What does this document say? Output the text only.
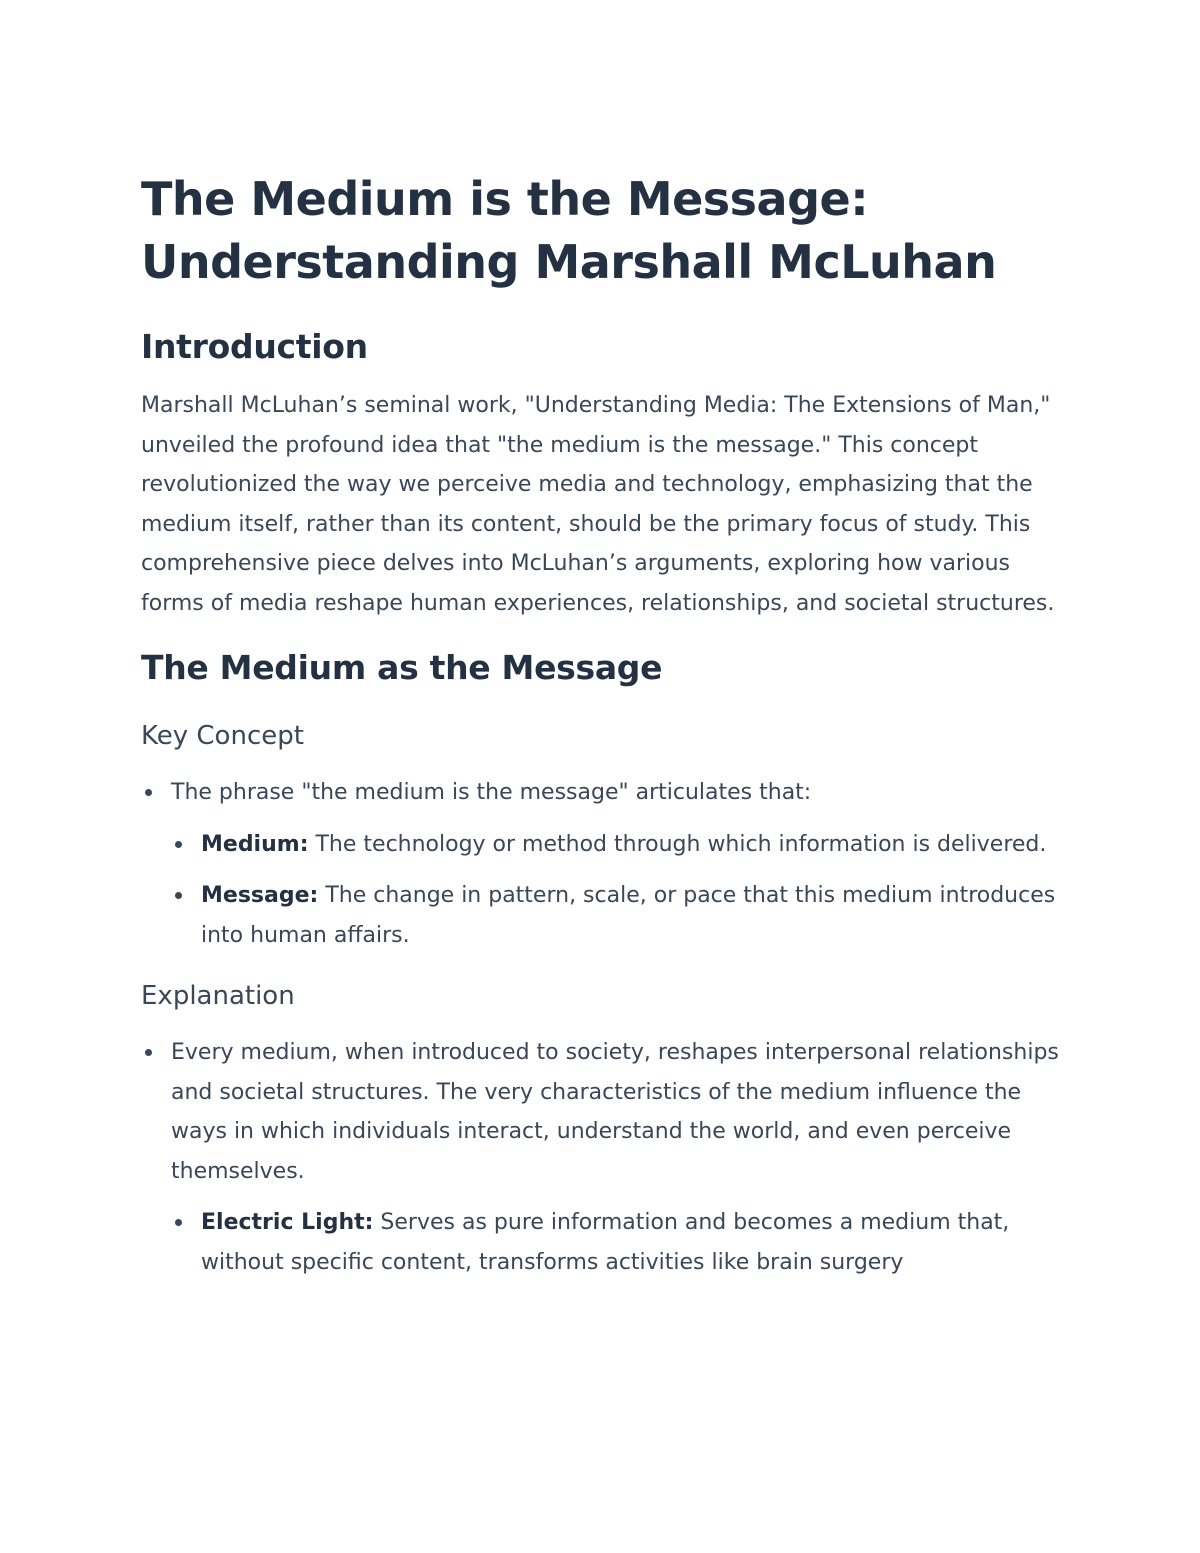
The Medium is the Message:
Understanding Marshall McLuhan
Introduction

Marshall McLuhan’s seminal work, "Understanding Media: The Extensions of Man," unveiled the profound idea that "the medium is the message." This concept revolutionized the way we perceive media and technology, emphasizing that the medium itself, rather than its content, should be the primary focus of study. This comprehensive piece delves into McLuhan’s arguments, exploring how various forms of media reshape human experiences, relationships, and societal structures.

The Medium as the Message
Key Concept
The phrase "the medium is the message" articulates that:
Medium: The technology or method through which information is delivered.
Message: The change in pattern, scale, or pace that this medium introduces into human affairs.
Explanation
Every medium, when introduced to society, reshapes interpersonal relationships and societal structures. The very characteristics of the medium influence the ways in which individuals interact, understand the world, and even perceive themselves.
Electric Light: Serves as pure information and becomes a medium that, without specific content, transforms activities like brain surgery
